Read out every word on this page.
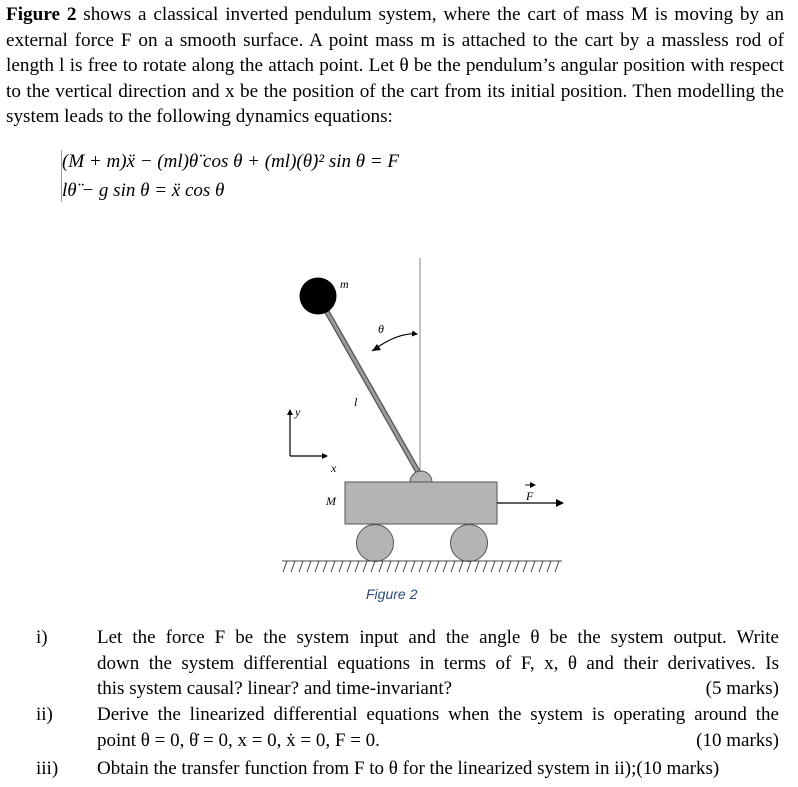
Figure 2 shows a classical inverted pendulum system, where the cart of mass M is moving by an external force F on a smooth surface. A point mass m is attached to the cart by a massless rod of length l is free to rotate along the attach point. Let θ be the pendulum’s angular position with respect to the vertical direction and x be the position of the cart from its initial position. Then modelling the system leads to the following dynamics equations:
(M + m)ẍ − (ml)θ̈ cos θ + (ml)(θ̇)² sin θ = F
lθ̈ − g sin θ = ẍ cos θ
m
θ
l
y
x
M	F
Figure 2
i)	Let the force F be the system input and the angle θ be the system output. Write
down the system differential equations in terms of F, x, θ and their derivatives. Is
(5 marks)
this system causal? linear? and time-invariant?
ii) Derive the linearized differential equations when the system is operating around the
(10 marks)
point θ = 0, θ̇ = 0, x = 0, ẋ = 0, F = 0.
iii) Obtain the transfer function from F to θ for the linearized system in ii);(10 marks)
